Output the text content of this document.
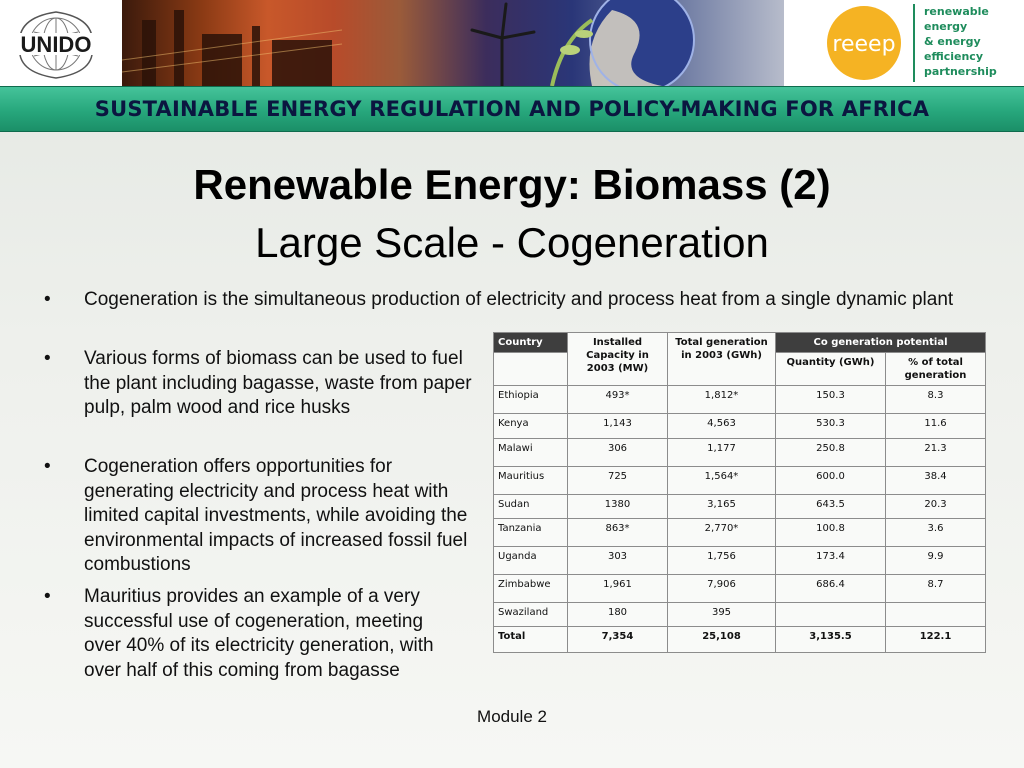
UNIDO	reeep
renewable
energy
& energy
efficiency
partnership
SUSTAINABLE ENERGY REGULATION AND POLICY-MAKING FOR AFRICA
Renewable Energy: Biomass (2)
Large Scale - Cogeneration
•	Cogeneration is the simultaneous production of electricity and process heat from a single dynamic plant
•	Various forms of biomass can be used to fuel the plant including bagasse, waste from paper pulp, palm wood and rice husks
•	Cogeneration offers opportunities for generating electricity and process heat with limited capital investments, while avoiding the environmental impacts of increased fossil fuel combustions
•	Mauritius provides an example of a very successful use of cogeneration, meeting over 40% of its electricity generation, with over half of this coming from bagasse
Country	Installed Capacity in 2003 (MW)	Total generation in 2003 (GWh)	Co generation potential	
			Quantity (GWh)	% of total generation
Ethiopia	493*	1,812*	150.3	8.3
Kenya	1,143	4,563	530.3	11.6
Malawi	306	1,177	250.8	21.3
Mauritius	725	1,564*	600.0	38.4
Sudan	1380	3,165	643.5	20.3
Tanzania	863*	2,770*	100.8	3.6
Uganda	303	1,756	173.4	9.9
Zimbabwe	1,961	7,906	686.4	8.7
Swaziland	180	395		
Total	7,354	25,108	3,135.5	122.1
Module 2
